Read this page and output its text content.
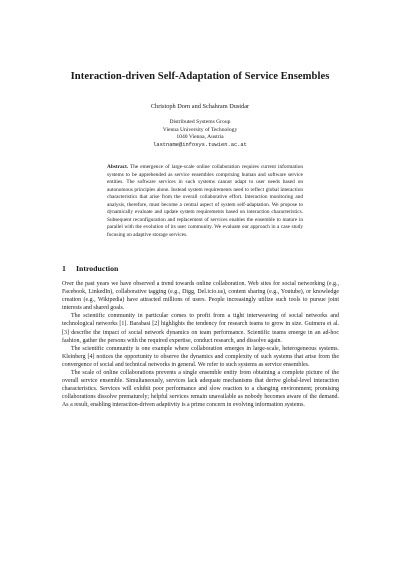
Interaction-driven Self-Adaptation of Service Ensembles
Christoph Dorn and Schahram Dustdar
Distributed Systems Group
Vienna University of Technology
1040 Vienna, Austria
lastname@infosys.tuwien.ac.at
Abstract. The emergence of large-scale online collaboration requires current information systems to be apprehended as service ensembles comprising human and software service entities. The software services in such systems cannot adapt to user needs based on autonomous principles alone. Instead system requirements need to reflect global interaction characteristics that arise from the overall collaborative effort. Interaction monitoring and analysis, therefore, must become a central aspect of system self-adaptation. We propose to dynamically evaluate and update system requirements based on interaction characteristics. Subsequent reconfiguration and replacement of services enables the ensemble to mature in parallel with the evolution of its user community. We evaluate our approach in a case study focusing on adaptive storage services.
1 Introduction

Over the past years we have observed a trend towards online collaboration. Web sites for social networking (e.g., Facebook, LinkedIn), collaborative tagging (e.g., Digg, Del.icio.us), content sharing (e.g., Youtube), or knowledge creation (e.g., Wikipedia) have attracted millions of users. People increasingly utilize such tools to pursue joint interests and shared goals.

The scientific community in particular comes to profit from a tight interweaving of social networks and technological networks [1]. Barabasi [2] highlights the tendency for research teams to grow in size. Guimera et al. [3] describe the impact of social network dynamics on team performance. Scientific teams emerge in an ad-hoc fashion, gather the persons with the required expertise, conduct research, and dissolve again.

The scientific community is one example where collaboration emerges in large-scale, heterogeneous systems. Kleinberg [4] notices the opportunity to observe the dynamics and complexity of such systems that arise from the convergence of social and technical networks in general. We refer to such systems as service ensembles.

The scale of online collaborations prevents a single ensemble entity from obtaining a complete picture of the overall service ensemble. Simultaneously, services lack adequate mechanisms that derive global-level interaction characteristics. Services will exhibit poor performance and slow reaction to a changing environment; promising collaborations dissolve prematurely; helpful services remain unavailable as nobody becomes aware of the demand. As a result, enabling interaction-driven adaptivity is a prime concern in evolving information systems.
